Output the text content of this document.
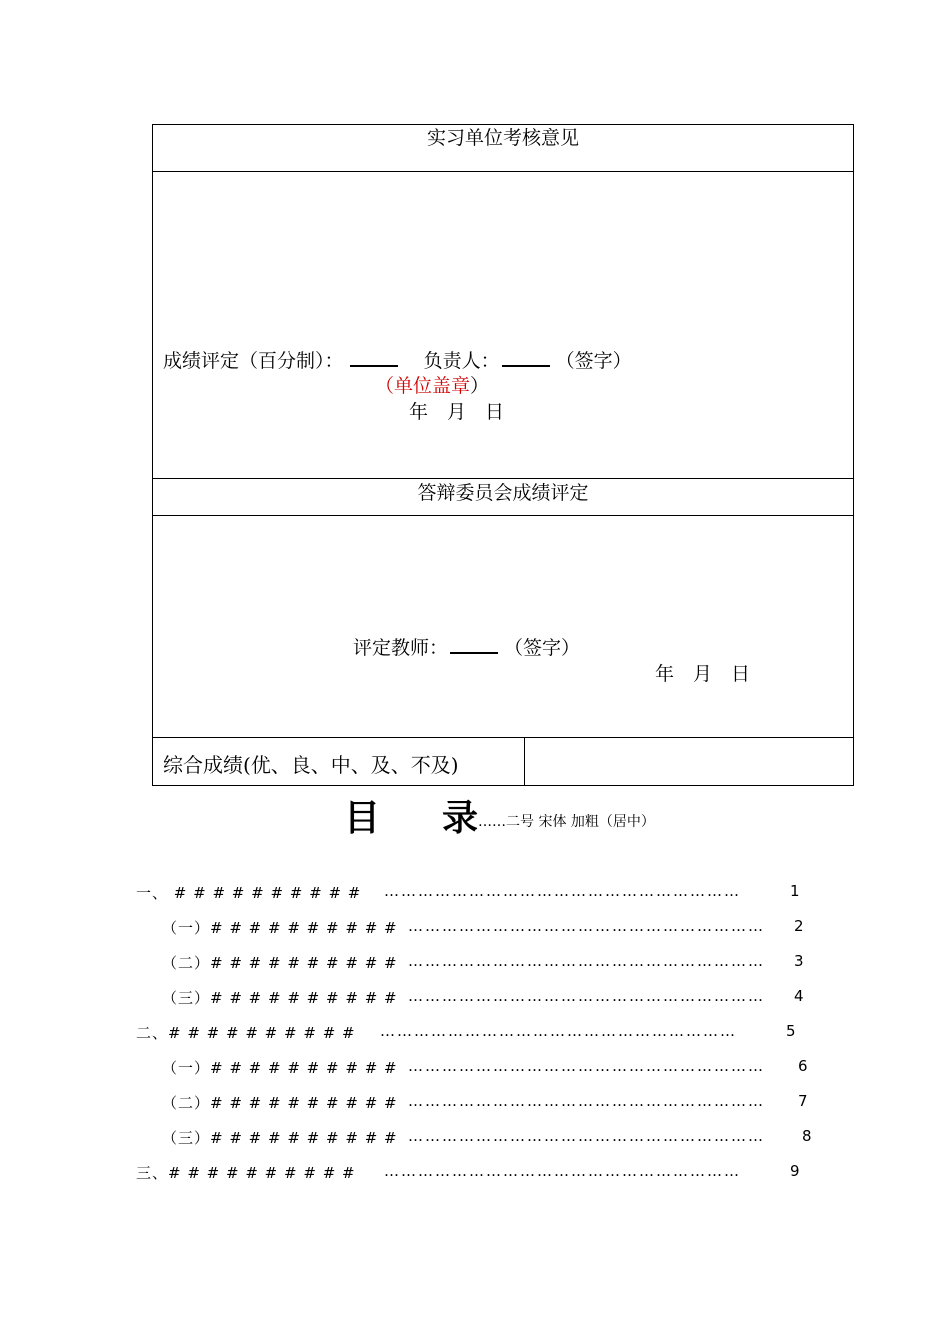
实习单位考核意见
成绩评定（百分制）：	负责人：	（签字）
（单位盖章）
年　月　日
答辩委员会成绩评定
评定教师：	（签字）
年　月　日
综合成绩(优、良、中、及、不及)
目 录……二号 宋体 加粗（居中）
一、 # # # # # # # # # # ………………………………………………………	1
（一）# # # # # # # # # # ………………………………………………………	2
（二）# # # # # # # # # # ………………………………………………………	3
（三）# # # # # # # # # # ………………………………………………………	4
二、# # # # # # # # # # ………………………………………………………	5
（一）# # # # # # # # # # ………………………………………………………	6
（二）# # # # # # # # # # ………………………………………………………	7
（三）# # # # # # # # # # ………………………………………………………	8
三、# # # # # # # # # # ………………………………………………………	9
